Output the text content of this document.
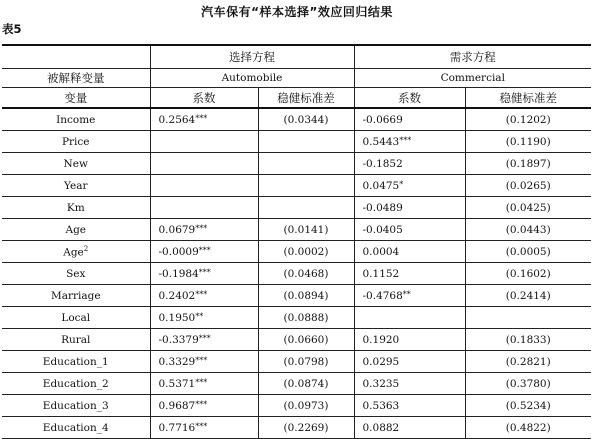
汽车保有“样本选择”效应回归结果
表5
	选择方程		需求方程	
被解释变量	Automobile		Commercial	
变量	系数	稳健标准差	系数	稳健标准差
Income	0.2564***	(0.0344)	-0.0669	(0.1202)
Price			0.5443***	(0.1190)
New			-0.1852	(0.1897)
Year			0.0475*	(0.0265)
Km			-0.0489	(0.0425)
Age	0.0679***	(0.0141)	-0.0405	(0.0443)
Age$^2$	-0.0009***	(0.0002)	0.0004	(0.0005)
Sex	-0.1984***	(0.0468)	0.1152	(0.1602)
Marriage	0.2402***	(0.0894)	-0.4768**	(0.2414)
Local	0.1950**	(0.0888)		
Rural	-0.3379***	(0.0660)	0.1920	(0.1833)
Education_1	0.3329***	(0.0798)	0.0295	(0.2821)
Education_2	0.5371***	(0.0874)	0.3235	(0.3780)
Education_3	0.9687***	(0.0973)	0.5363	(0.5234)
Education_4	0.7716***	(0.2269)	0.0882	(0.4822)
